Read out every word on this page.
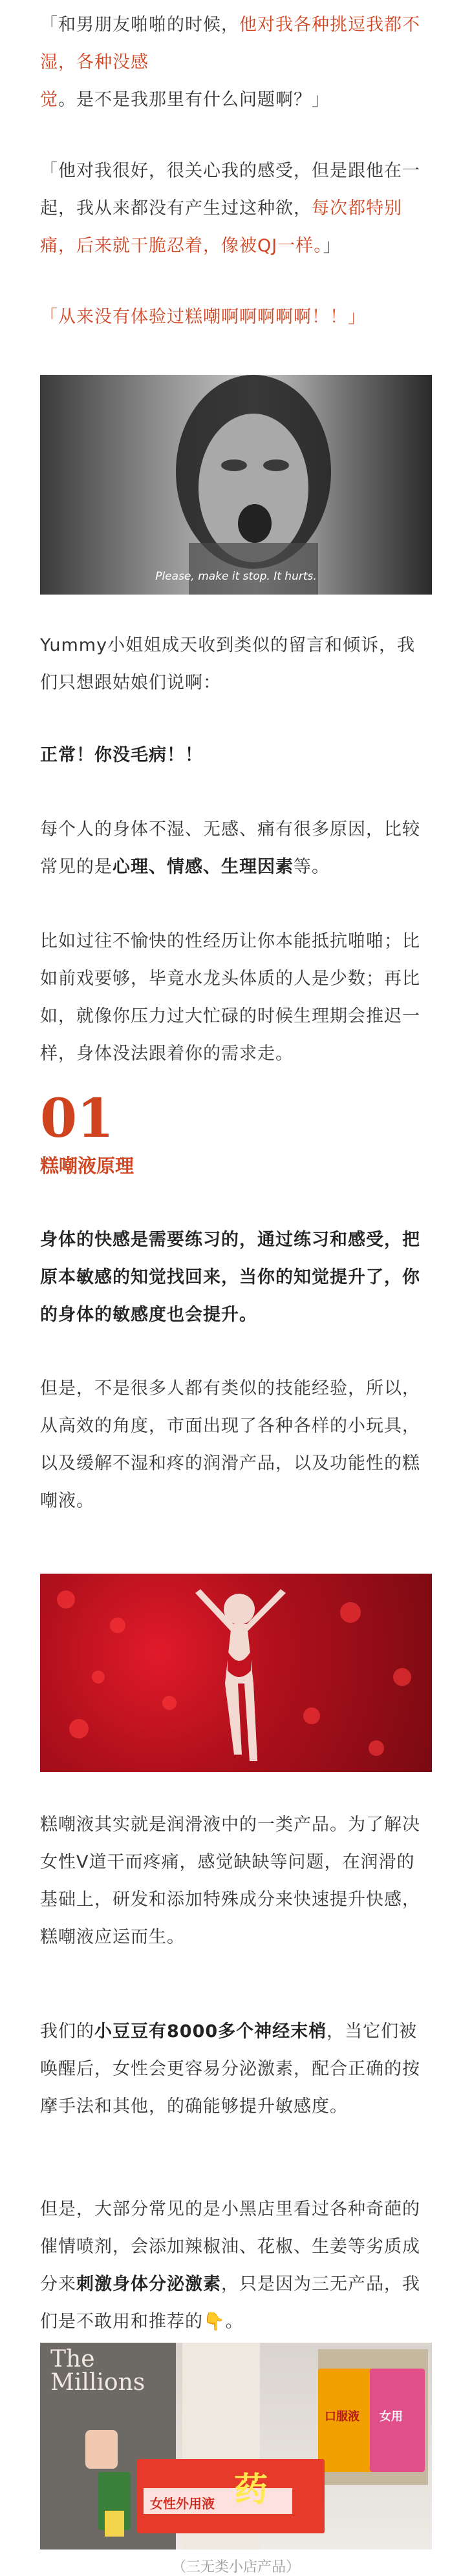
「和男朋友啪啪的时候，他对我各种挑逗我都不湿，各种没感觉。是不是我那里有什么问题啊？」

「他对我很好，很关心我的感受，但是跟他在一起，我从来都没有产生过这种欲，每次都特别痛，后来就干脆忍着，像被QJ一样。」

「从来没有体验过糕嘲啊啊啊啊啊！！」

Please, make it stop. It hurts.

Yummy小姐姐成天收到类似的留言和倾诉，我们只想跟姑娘们说啊：

正常！你没毛病！！

每个人的身体不湿、无感、痛有很多原因，比较常见的是心理、情感、生理因素等。

比如过往不愉快的性经历让你本能抵抗啪啪；比如前戏要够，毕竟水龙头体质的人是少数；再比如，就像你压力过大忙碌的时候生理期会推迟一样，身体没法跟着你的需求走。

01
糕嘲液原理

身体的快感是需要练习的，通过练习和感受，把原本敏感的知觉找回来，当你的知觉提升了，你的身体的敏感度也会提升。

但是，不是很多人都有类似的技能经验，所以，从高效的角度，市面出现了各种各样的小玩具，以及缓解不湿和疼的润滑产品，以及功能性的糕嘲液。

糕嘲液其实就是润滑液中的一类产品。为了解决女性V道干而疼痛，感觉缺缺等问题，在润滑的基础上，研发和添加特殊成分来快速提升快感，糕嘲液应运而生。

我们的小豆豆有8000多个神经末梢，当它们被唤醒后，女性会更容易分泌激素，配合正确的按摩手法和其他，的确能够提升敏感度。

但是，大部分常见的是小黑店里看过各种奇葩的催情喷剂，会添加辣椒油、花椒、生姜等劣质成分来刺激身体分泌激素，只是因为三无产品，我们是不敢用和推荐的👇。

The Millions
药
女性外用液
口服液 女用
（三无类小店产品）
